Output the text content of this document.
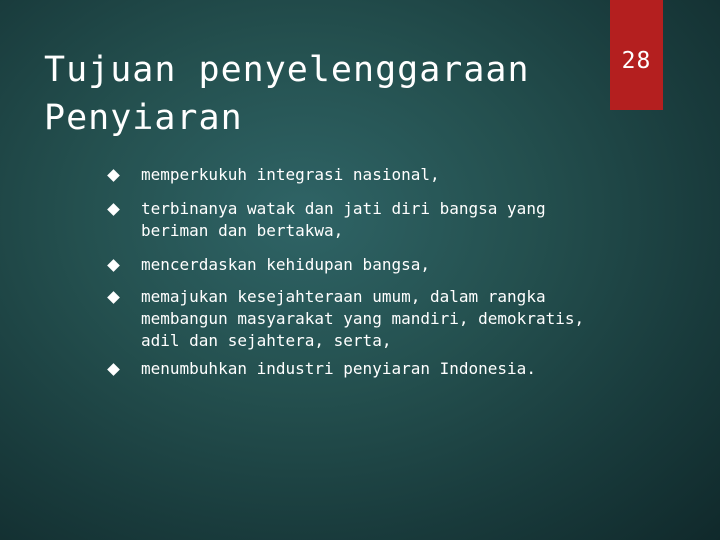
28
Tujuan penyelenggaraan Penyiaran
memperkukuh integrasi nasional,
terbinanya watak dan jati diri bangsa yang beriman dan bertakwa,
mencerdaskan kehidupan bangsa,
memajukan kesejahteraan umum, dalam rangka membangun masyarakat yang mandiri, demokratis, adil dan sejahtera, serta,
menumbuhkan industri penyiaran Indonesia.
